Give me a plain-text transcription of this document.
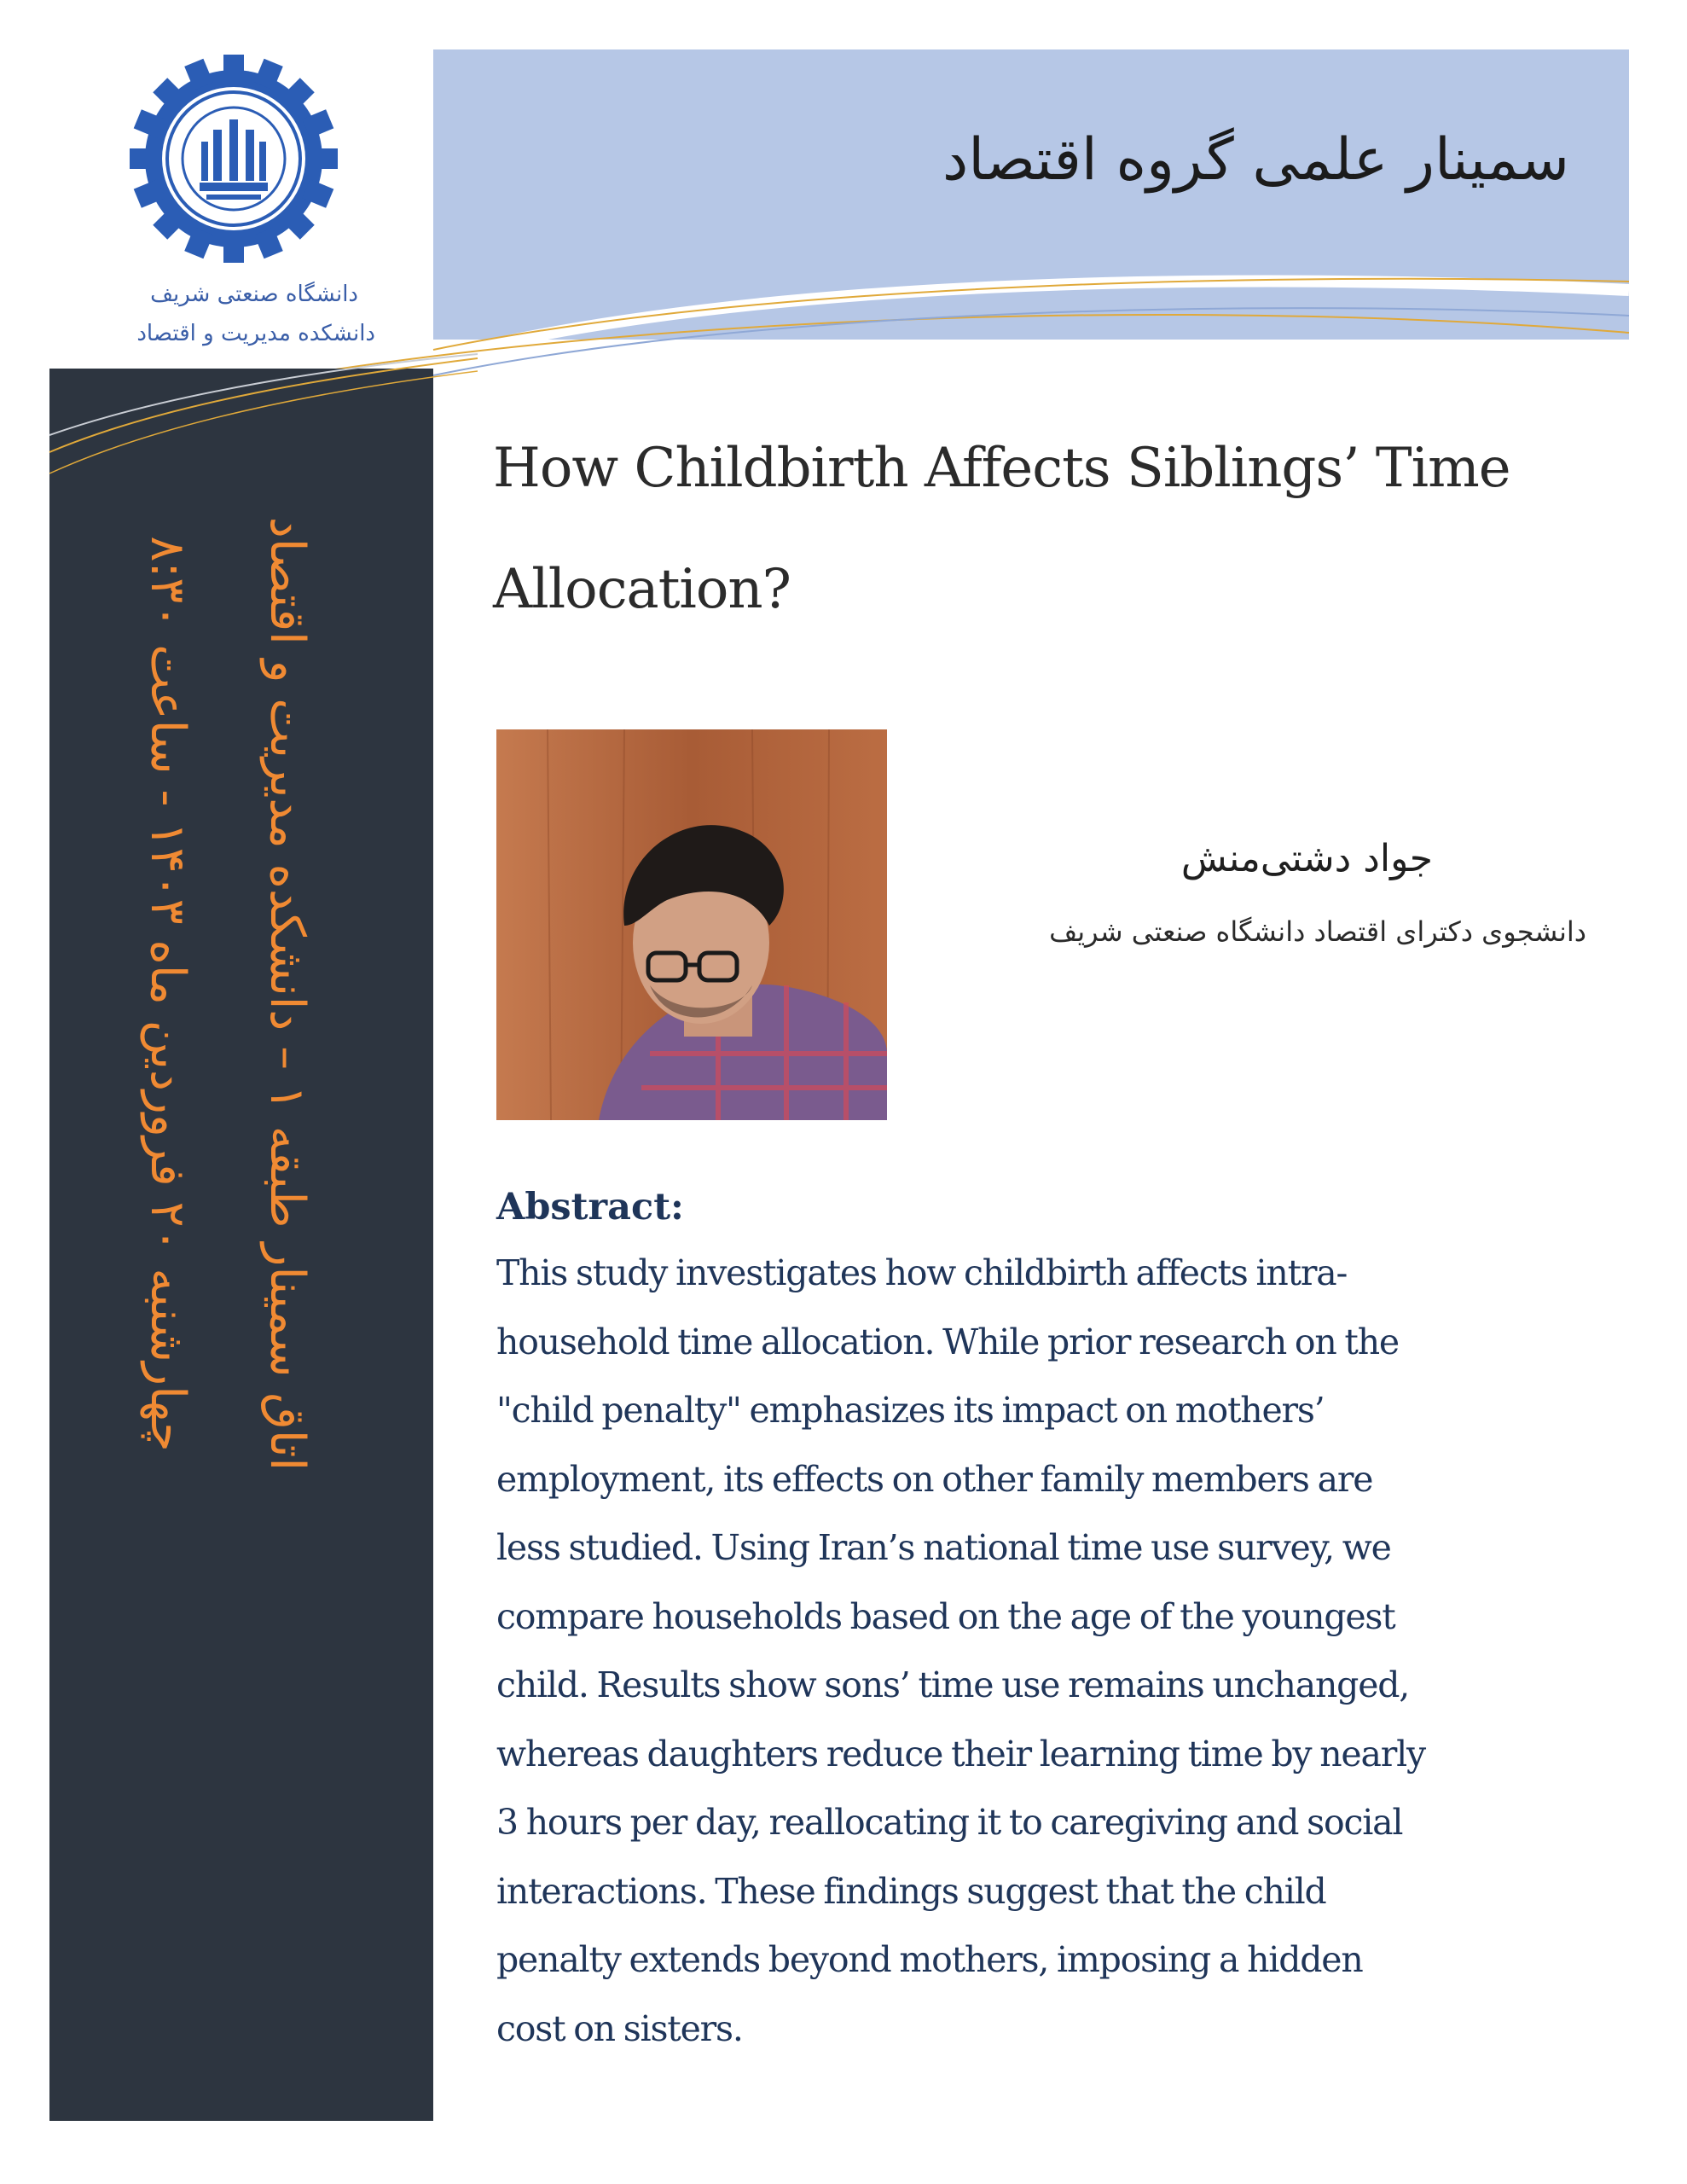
سمینار علمی گروه اقتصاد
دانشگاه صنعتی شریف
دانشکده مدیریت و اقتصاد
چهارشنبه ۲۰ فروردین ماه ۱۴۰۳ - ساعت ۸:۳۰
اتاق سمینار طبقه ۱ – دانشکده مدیریت و اقتصاد
How Childbirth Affects Siblings’ Time
Allocation?
جواد دشتی‌منش
دانشجوی دکترای اقتصاد دانشگاه صنعتی شریف
Abstract:
This study investigates how childbirth affects intra-
household time allocation. While prior research on the
"child penalty" emphasizes its impact on mothers’
employment, its effects on other family members are
less studied. Using Iran’s national time use survey, we
compare households based on the age of the youngest
child. Results show sons’ time use remains unchanged,
whereas daughters reduce their learning time by nearly
3 hours per day, reallocating it to caregiving and social
interactions. These findings suggest that the child
penalty extends beyond mothers, imposing a hidden
cost on sisters.
